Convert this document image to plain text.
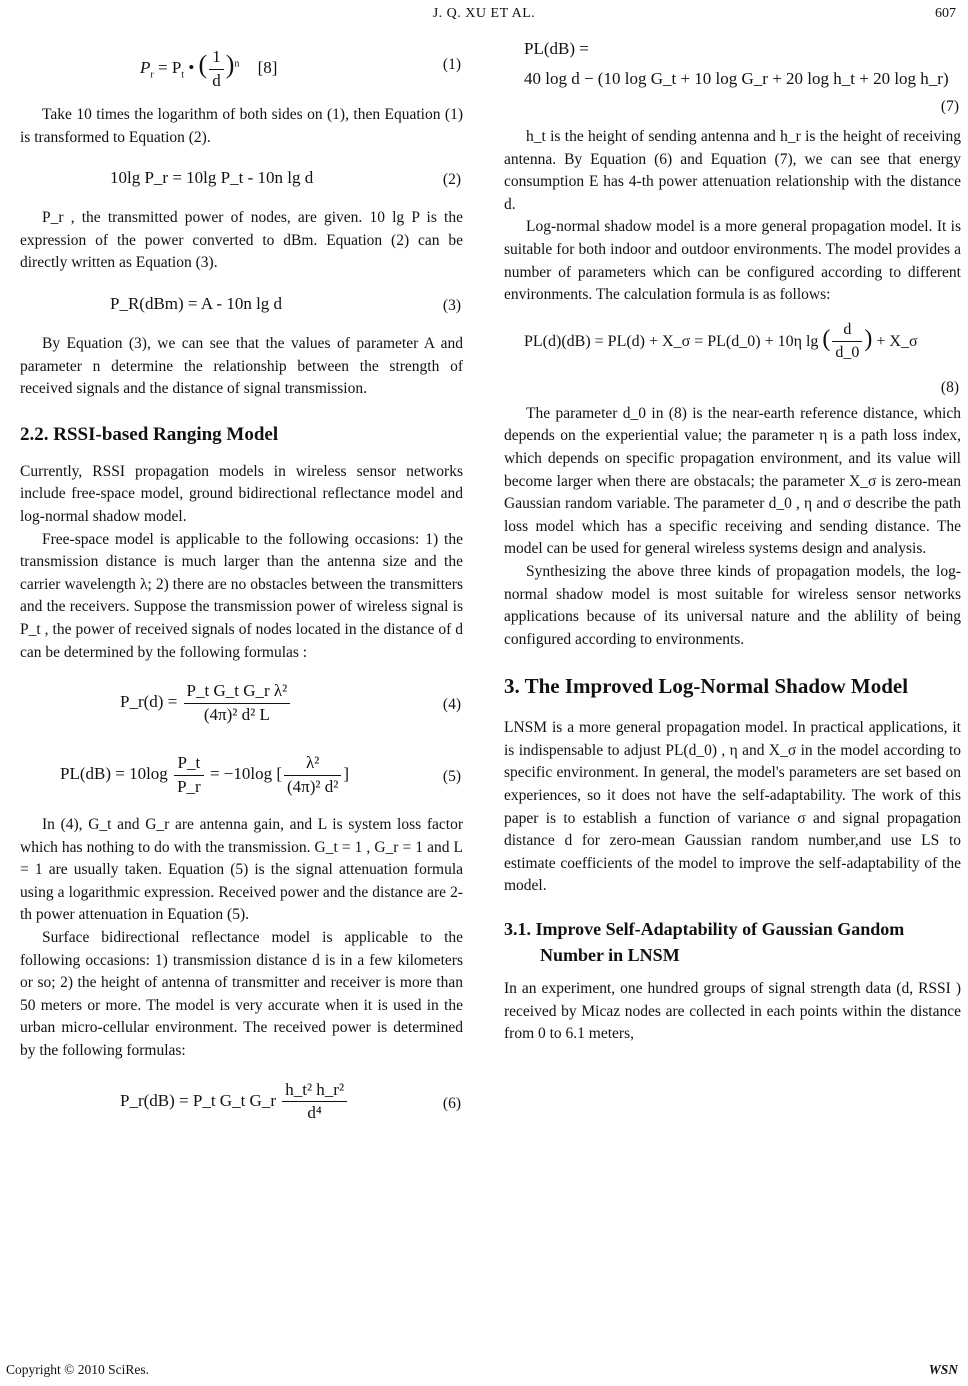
J. Q. XU ET AL.	607
$P_r = P_t$ • ( $\frac{1}{d} )^n$ [8]	(1)

Take 10 times the logarithm of both sides on (1), then Equation (1) is transformed to Equation (2).

10lg P_r = 10lg P_t - 10n lg d	(2)

P_r , the transmitted power of nodes, are given. 10 lg P is the expression of the power converted to dBm. Equation (2) can be directly written as Equation (3).

P_R(dBm) = A - 10n lg d	(3)

By Equation (3), we can see that the values of parameter A and parameter n determine the relationship between the strength of received signals and the distance of signal transmission.

2.2. RSSI-based Ranging Model

Currently, RSSI propagation models in wireless sensor networks include free-space model, ground bidirectional reflectance model and log-normal shadow model.

Free-space model is applicable to the following occasions: 1) the transmission distance is much larger than the antenna size and the carrier wavelength λ; 2) there are no obstacles between the transmitters and the receivers. Suppose the transmission power of wireless signal is P_t , the power of received signals of nodes located in the distance of d can be determined by the following formulas :

P_r(d) = $\frac{\text{P\_t G\_t G\_r λ²}}{\text{(4π)² d² L}}$	(4)
$PL(dB) = 10\log \frac{P\_t}{P\_r} = -10\log$ [ $\frac{\text{λ²}}{\text{(4π)² d²}}$ ]	(5)

In (4), G_t and G_r are antenna gain, and L is system loss factor which has nothing to do with the transmission. G_t = 1 , G_r = 1 and L = 1 are usually taken. Equation (5) is the signal attenuation formula using a logarithmic expression. Received power and the distance are 2-th power attenuation in Equation (5).

Surface bidirectional reflectance model is applicable to the following occasions: 1) transmission distance d is in a few kilometers or so; 2) the height of antenna of transmitter and receiver is more than 50 meters or more. The model is very accurate when it is used in the urban micro-cellular environment. The received power is determined by the following formulas:

P_r(dB) = P_t G_t G_r $\frac{\text{h\_t² h\_r²}}{\text{d⁴}}$	(6)
PL(dB) =
40 log d − (10 log G_t + 10 log G_r + 20 log h_t + 20 log h_r)
(7)

h_t is the height of sending antenna and h_r is the height of receiving antenna. By Equation (6) and Equation (7), we can see that energy consumption E has 4-th power attenuation relationship with the distance d.

Log-normal shadow model is a more general propagation model. It is suitable for both indoor and outdoor environments. The model provides a number of parameters which can be configured according to different environments. The calculation formula is as follows:

PL(d)(dB) = PL(d) + X_σ = PL(d_0) + 10η lg ( $\frac{d}{d\_0}$ ) + X_σ
(8)

The parameter d_0 in (8) is the near-earth reference distance, which depends on the experiential value; the parameter η is a path loss index, which depends on specific propagation environment, and its value will become larger when there are obstacals; the parameter X_σ is zero-mean Gaussian random variable. The parameter d_0 , η and σ describe the path loss model which has a specific receiving and sending distance. The model can be used for general wireless systems design and analysis.

Synthesizing the above three kinds of propagation models, the log-normal shadow model is most suitable for wireless sensor networks applications because of its universal nature and the ablility of being configured according to environments.

3. The Improved Log-Normal Shadow Model

LNSM is a more general propagation model. In practical applications, it is indispensable to adjust PL(d_0) , η and X_σ in the model according to specific environment. In general, the model's parameters are set based on experiences, so it does not have the self-adaptability. The work of this paper is to establish a function of variance σ and signal propagation distance d for zero-mean Gaussian random number,and use LS to estimate coefficients of the model to improve the self-adaptability of the model.

3.1. Improve Self-Adaptability of Gaussian Gandom Number in LNSM

In an experiment, one hundred groups of signal strength data (d, RSSI ) received by Micaz nodes are collected in each points within the distance from 0 to 6.1 meters,

Copyright © 2010 SciRes.	WSN
